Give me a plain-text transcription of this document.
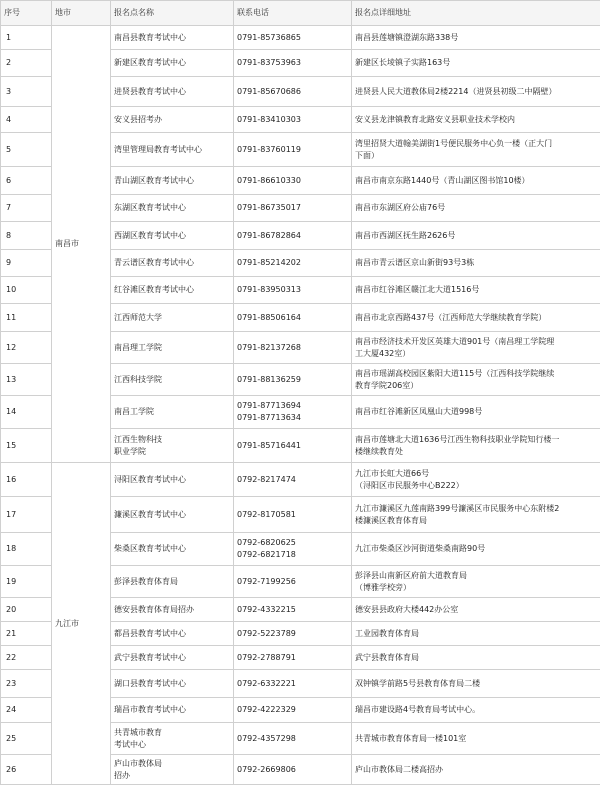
序号	地市	报名点名称	联系电话	报名点详细地址
1	南昌市	南昌县教育考试中心	0791-85736865	南昌县莲塘镇澄湖东路338号

2		新建区教育考试中心	0791-83753963	新建区长堎镇子实路163号

3		进贤县教育考试中心	0791-85670686	进贤县人民大道教体局2楼2214（进贤县初级二中隔壁）

4		安义县招考办	0791-83410303	安义县龙津镇教育北路安义县职业技术学校内

5		湾里管理局教育考试中心	0791-83760119	湾里招贤大道翰美湖街1号便民服务中心负一楼（正大门
下面）

6		青山湖区教育考试中心	0791-86610330	南昌市南京东路1440号（青山湖区图书馆10楼）

7		东湖区教育考试中心	0791-86735017	南昌市东湖区府公庙76号

8		西湖区教育考试中心	0791-86782864	南昌市西湖区抚生路2626号

9		青云谱区教育考试中心	0791-85214202	南昌市青云谱区京山新街93号3栋

10		红谷滩区教育考试中心	0791-83950313	南昌市红谷滩区赣江北大道1516号

11		江西师范大学	0791-88506164	南昌市北京西路437号（江西师范大学继续教育学院）

12		南昌理工学院	0791-82137268	南昌市经济技术开发区英雄大道901号（南昌理工学院理
工大厦432室）

13		江西科技学院	0791-88136259	南昌市瑶湖高校园区紫阳大道115号（江西科技学院继续
教育学院206室）

14		南昌工学院	0791-87713694
0791-87713634	南昌市红谷滩新区凤凰山大道998号

15		江西生物科技
职业学院	0791-85716441	南昌市莲塘北大道1636号江西生物科技职业学院知行楼一
楼继续教育处

16	九江市	浔阳区教育考试中心	0792-8217474	九江市长虹大道66号
（浔阳区市民服务中心B222）

17		濂溪区教育考试中心	0792-8170581	九江市濂溪区九莲南路399号濂溪区市民服务中心东附楼2
楼濂溪区教育体育局

18		柴桑区教育考试中心	0792-6820625
0792-6821718	九江市柴桑区沙河街道柴桑南路90号

19		彭泽县教育体育局	0792-7199256	彭泽县山南新区府前大道教育局
（博雅学校旁）

20		德安县教育体育局招办	0792-4332215	德安县县政府大楼442办公室

21		都昌县教育考试中心	0792-5223789	工业园教育体育局

22		武宁县教育考试中心	0792-2788791	武宁县教育体育局

23		湖口县教育考试中心	0792-6332221	双钟镇学前路5号县教育体育局二楼

24		瑞昌市教育考试中心	0792-4222329	瑞昌市建设路4号教育局考试中心。

25		共青城市教育
考试中心	0792-4357298	共青城市教育体育局一楼101室

26		庐山市教体局
招办	0792-2669806	庐山市教体局二楼高招办
